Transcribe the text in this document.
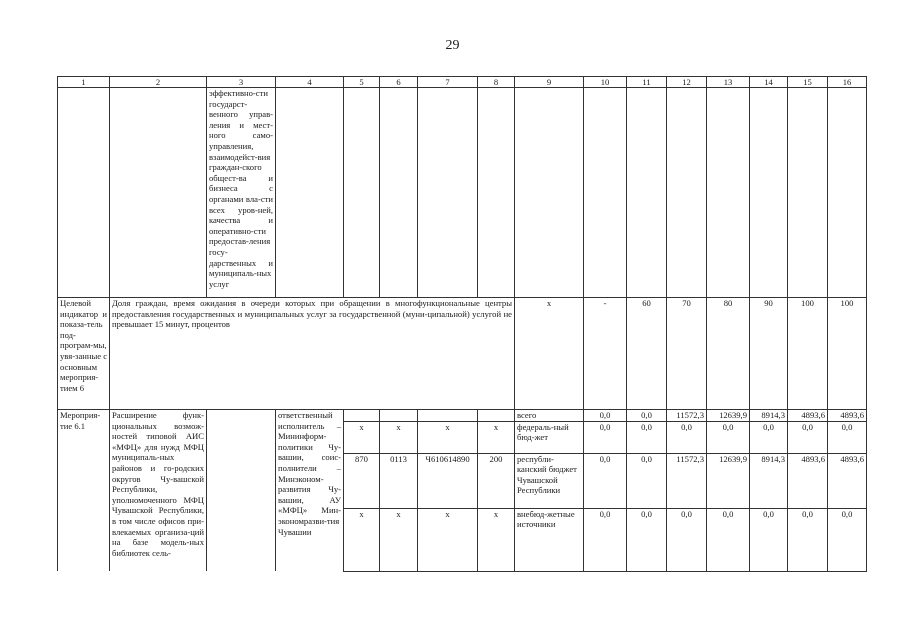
29
1	2	3	4	5	6	7	8	9	10	11	12	13	14	15	16
		эффективно-сти государст-венного управ-ления и мест-ного само-управления, взаимодейст-вия граждан-ского общест-ва и бизнеса с органами вла-сти всех уров-ней, качества и оперативно-сти предостав-ления госу-дарственных и муниципаль-ных услуг													
Целевой индикатор и показа-тель под-програм-мы, увя-занные с основным мероприя-тием 6	Доля граждан, время ожидания в очереди которых при обращении в многофункциональные центры предоставления государственных и муниципальных услуг за государственной (муни-ципальной) услугой не превышает 15 минут, процентов							x	-	60	70	80	90	100	100
Мероприя-тие 6.1	Расширение функ-циональных возмож-ностей типовой АИС «МФЦ» для нужд МФЦ муниципаль-ных районов и го-родских округов Чу-вашской Республики, уполномоченного МФЦ Чувашской Республики, в том числе офисов при-влекаемых организа-ций на базе модель-ных библиотек сель-		ответственный исполнитель – Мининформ-политики Чу-вашии, соис-полнители – Минэконом-развития Чу-вашии, АУ «МФЦ» Мин-экономразви-тия Чувашии					всего	0,0	0,0	11572,3	12639,9	8914,3	4893,6	4893,6
				x	x	x	x	федераль-ный бюд-жет	0,0	0,0	0,0	0,0	0,0	0,0	0,0
				870	0113	Ч610614890	200	республи-канский бюджет Чувашской Республики	0,0	0,0	11572,3	12639,9	8914,3	4893,6	4893,6
				x	x	x	x	внебюд-жетные источники	0,0	0,0	0,0	0,0	0,0	0,0	0,0
